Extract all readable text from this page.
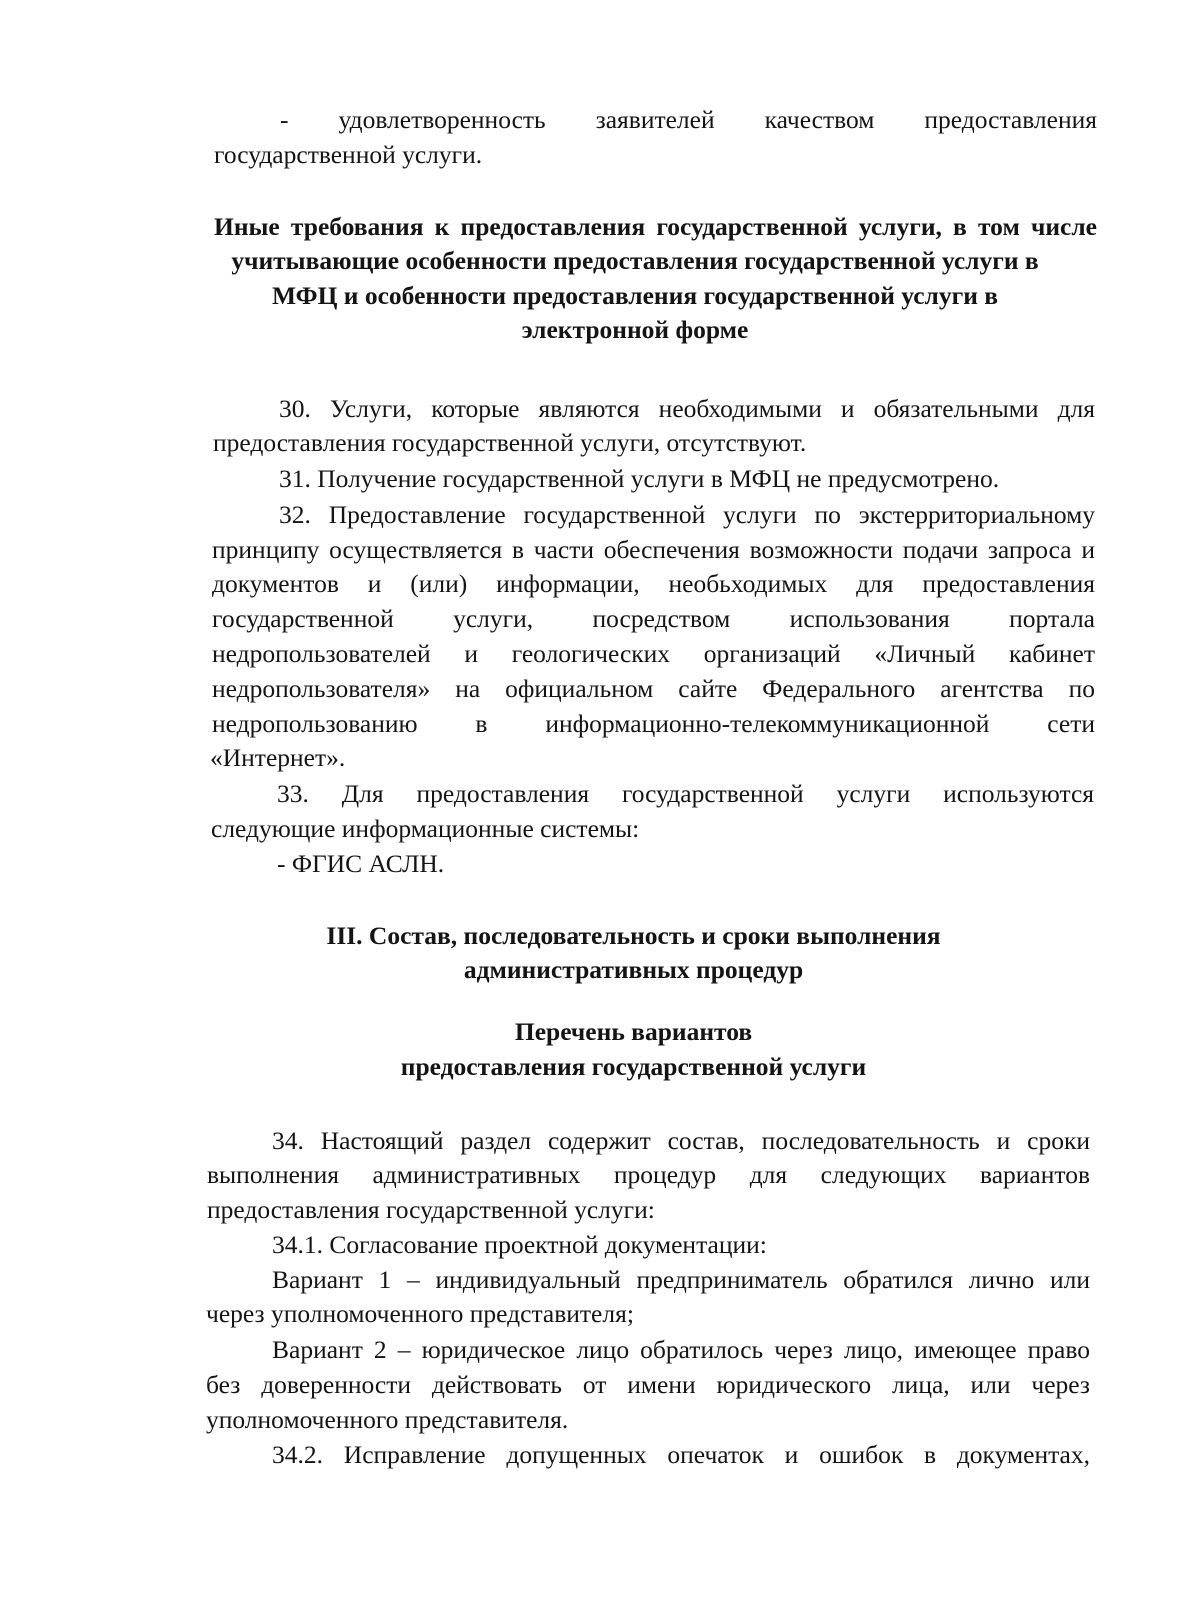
- удовлетворенность заявителей качеством предоставления
государственной услуги.
Иные требования к предоставления государственной услуги, в том числе
учитывающие особенности предоставления государственной услуги в
МФЦ и особенности предоставления государственной услуги в
электронной форме
30. Услуги, которые являются необходимыми и обязательными для
предоставления государственной услуги, отсутствуют.
31. Получение государственной услуги в МФЦ не предусмотрено.
32. Предоставление государственной услуги по экстерриториальному
принципу осуществляется в части обеспечения возможности подачи запроса и
документов и (или) информации, необьходимых для предоставления
государственной услуги, посредством использования портала
недропользователей и геологических организаций «Личный кабинет
недропользователя» на официальном сайте Федерального агентства по
недропользованию в информационно-телекоммуникационной сети
«Интернет».
33. Для предоставления государственной услуги используются
следующие информационные системы:
- ФГИС АСЛН.
III. Состав, последовательность и сроки выполнения
административных процедур
Перечень вариантов
предоставления государственной услуги
34. Настоящий раздел содержит состав, последовательность и сроки
выполнения административных процедур для следующих вариантов
предоставления государственной услуги:
34.1. Согласование проектной документации:
Вариант 1 – индивидуальный предприниматель обратился лично или
через уполномоченного представителя;
Вариант 2 – юридическое лицо обратилось через лицо, имеющее право
без доверенности действовать от имени юридического лица, или через
уполномоченного представителя.
34.2. Исправление допущенных опечаток и ошибок в документах,
